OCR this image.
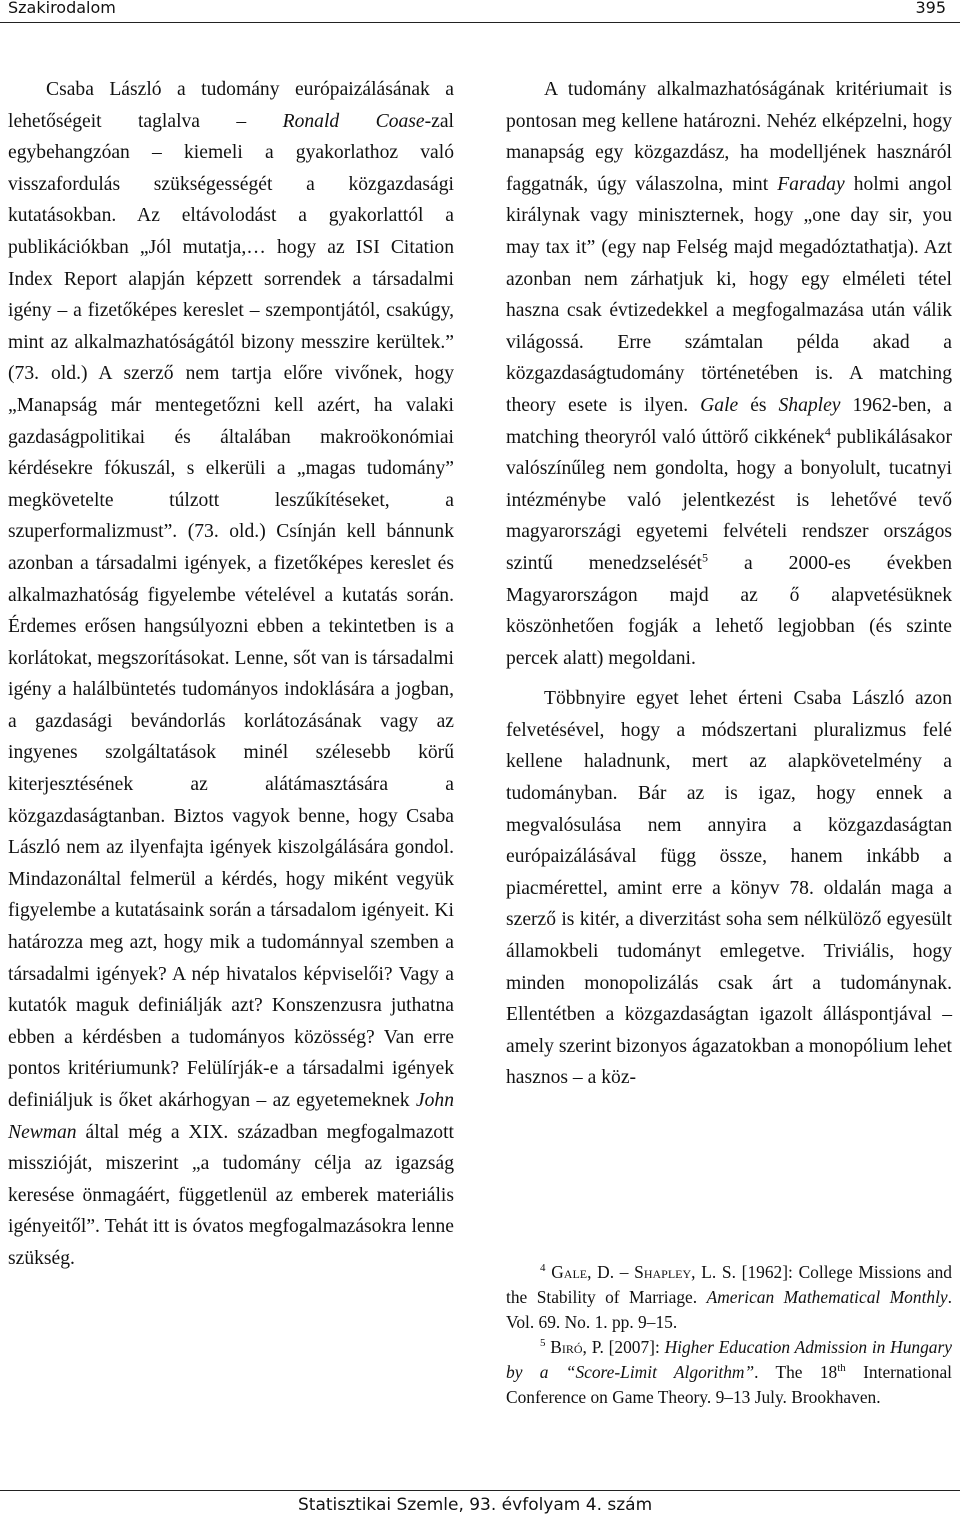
Szakirodalom	395

Csaba László a tudomány európaizálásának a lehetőségeit taglalva – Ronald Coase-zal egybehangzóan – kiemeli a gyakorlathoz való visszafordulás szükségességét a közgazdasági kutatásokban. Az eltávolodást a gyakorlattól a publikációkban „Jól mutatja,… hogy az ISI Citation Index Report alapján képzett sorrendek a társadalmi igény – a fizetőképes kereslet – szempontjától, csakúgy, mint az alkalmazhatóságától bizony messzire kerültek.” (73. old.) A szerző nem tartja előre vivőnek, hogy „Manapság már mentegetőzni kell azért, ha valaki gazdaságpolitikai és általában makroökonómiai kérdésekre fókuszál, s elkerüli a „magas tudomány” megkövetelte túlzott leszűkítéseket, a szuperformalizmust”. (73. old.) Csínján kell bánnunk azonban a társadalmi igények, a fizetőképes kereslet és alkalmazhatóság figyelembe vételével a kutatás során. Érdemes erősen hangsúlyozni ebben a tekintetben is a korlátokat, megszorításokat. Lenne, sőt van is társadalmi igény a halálbüntetés tudományos indoklására a jogban, a gazdasági bevándorlás korlátozásának vagy az ingyenes szolgáltatások minél szélesebb körű kiterjesztésének az alátámasztására a közgazdaságtanban. Biztos vagyok benne, hogy Csaba László nem az ilyenfajta igények kiszolgálására gondol. Mindazonáltal felmerül a kérdés, hogy miként vegyük figyelembe a kutatásaink során a társadalom igényeit. Ki határozza meg azt, hogy mik a tudománnyal szemben a társadalmi igények? A nép hivatalos képviselői? Vagy a kutatók maguk definiálják azt? Konszenzusra juthatna ebben a kérdésben a tudományos közösség? Van erre pontos kritériumunk? Felülírják-e a társadalmi igények definiáljuk is őket akárhogyan – az egyetemeknek John Newman által még a XIX. században megfogalmazott misszióját, miszerint „a tudomány célja az igazság keresése önmagáért, függetlenül az emberek materiális igényeitől”. Tehát itt is óvatos megfogalmazásokra lenne szükség.

A tudomány alkalmazhatóságának kritériumait is pontosan meg kellene határozni. Nehéz elképzelni, hogy manapság egy közgazdász, ha modelljének hasznáról faggatnák, úgy válaszolna, mint Faraday holmi angol királynak vagy miniszternek, hogy „one day sir, you may tax it” (egy nap Felség majd megadóztathatja). Azt azonban nem zárhatjuk ki, hogy egy elméleti tétel haszna csak évtizedekkel a megfogalmazása után válik világossá. Erre számtalan példa akad a közgazdaságtudomány történetében is. A matching theory esete is ilyen. Gale és Shapley 1962-ben, a matching theoryról való úttörő cikkének$^4$ publikálásakor valószínűleg nem gondolta, hogy a bonyolult, tucatnyi intézménybe való jelentkezést is lehetővé tevő magyarországi egyetemi felvételi rendszer országos szintű menedzselését$^5$ a 2000-es években Magyarországon majd az ő alapvetésüknek köszönhetően fogják a lehető legjobban (és szinte percek alatt) megoldani.

Többnyire egyet lehet érteni Csaba László azon felvetésével, hogy a módszertani pluralizmus felé kellene haladnunk, mert az alapkövetelmény a tudományban. Bár az is igaz, hogy ennek a megvalósulása nem annyira a közgazdaságtan európaizálásával függ össze, hanem inkább a piacmérettel, amint erre a könyv 78. oldalán maga a szerző is kitér, a diverzitást soha sem nélkülöző egyesült államokbeli tudományt emlegetve. Triviális, hogy minden monopolizálás csak árt a tudománynak. Ellentétben a közgazdaságtan igazolt álláspontjával – amely szerint bizonyos ágazatokban a monopólium lehet hasznos – a köz-

$^4$ Gale, D. – Shapley, L. S. [1962]: College Missions and the Stability of Marriage. American Mathematical Monthly. Vol. 69. No. 1. pp. 9–15.

$^5$ Biró, P. [2007]: Higher Education Admission in Hungary by a “Score-Limit Algorithm”. The 18th International Conference on Game Theory. 9–13 July. Brookhaven.

Statisztikai Szemle, 93. évfolyam 4. szám
